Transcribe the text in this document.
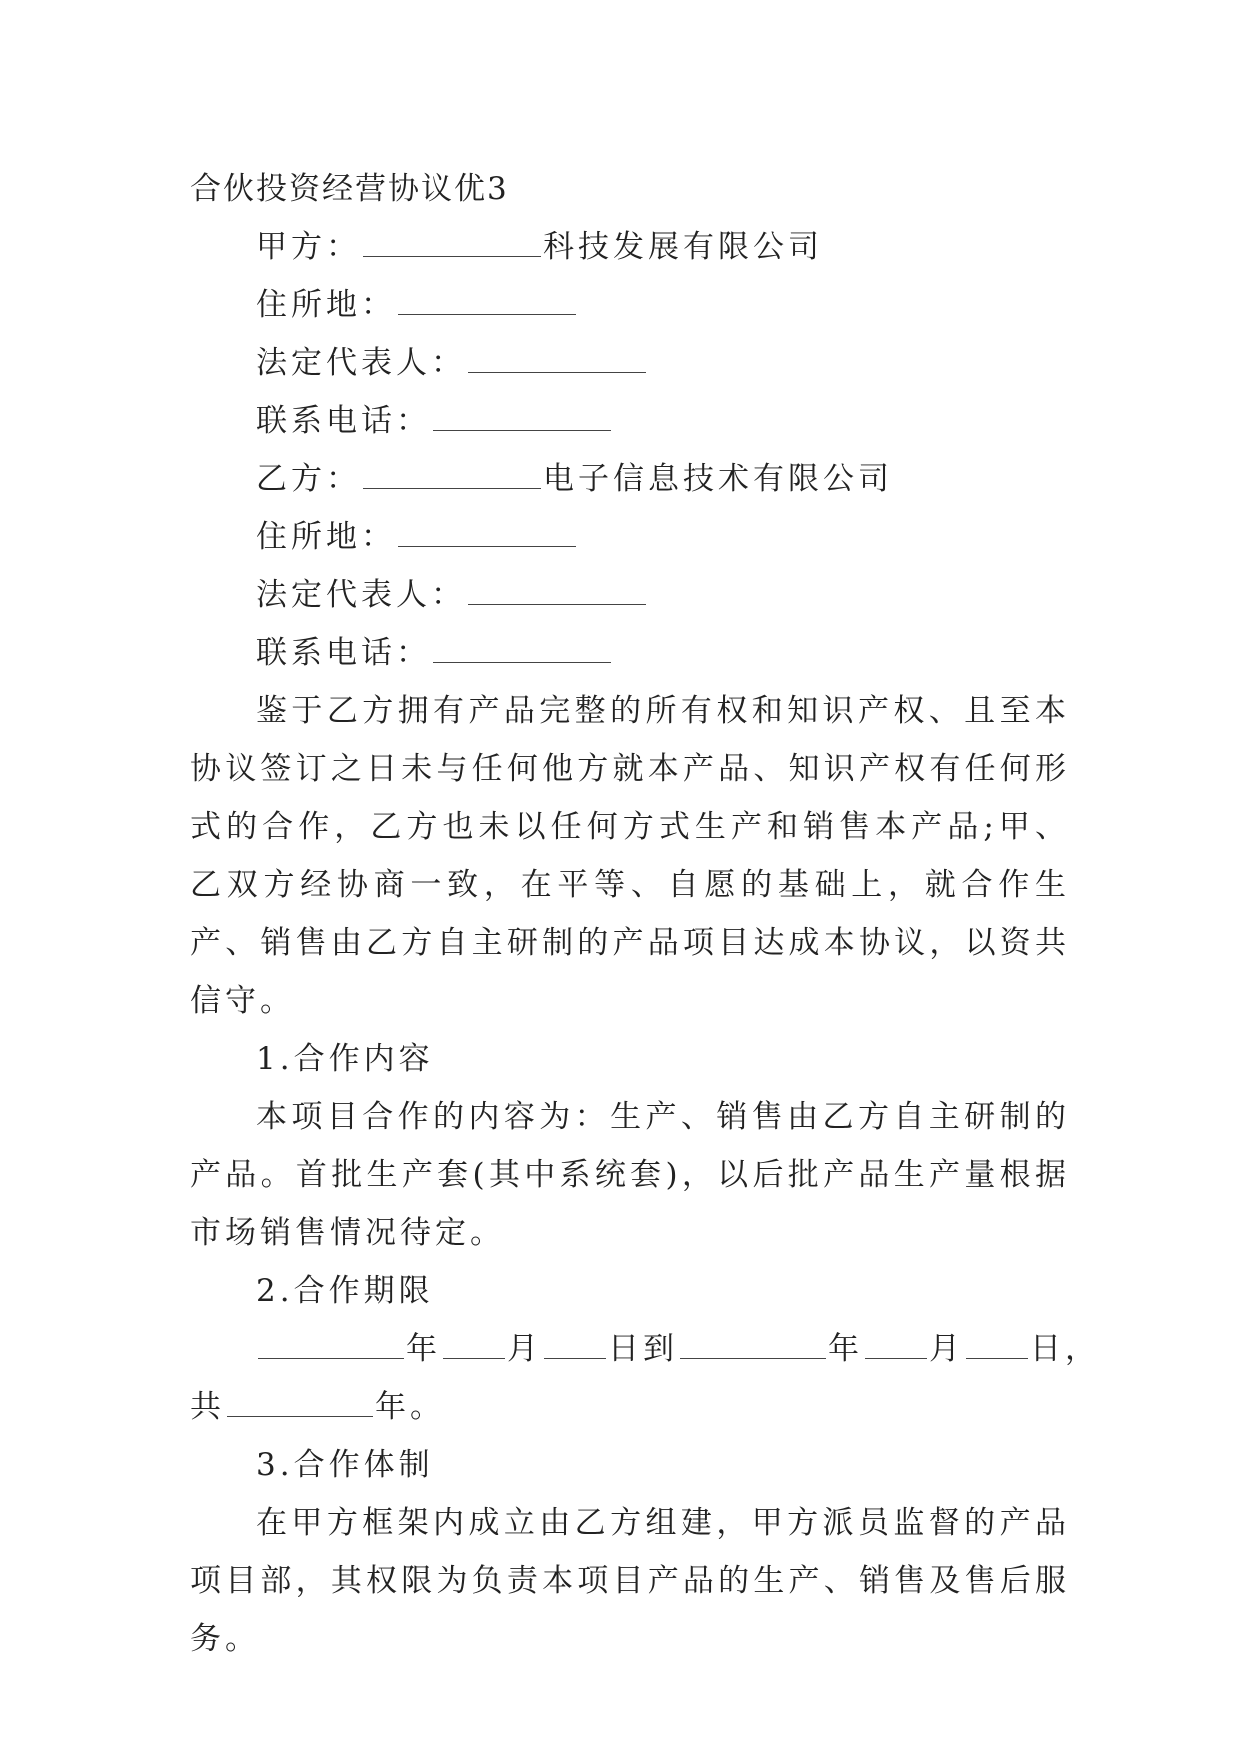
合伙投资经营协议优3
甲方：	科技发展有限公司
住所地：
法定代表人：
联系电话：
乙方：	电子信息技术有限公司
住所地：
法定代表人：
联系电话：

鉴于乙方拥有产品完整的所有权和知识产权、且至本协议签订之日未与任何他方就本产品、知识产权有任何形式的合作，乙方也未以任何方式生产和销售本产品;甲、乙双方经协商一致，在平等、自愿的基础上，就合作生产、销售由乙方自主研制的产品项目达成本协议，以资共信守。

1.合作内容

本项目合作的内容为：生产、销售由乙方自主研制的产品。首批生产套(其中系统套)，以后批产品生产量根据市场销售情况待定。

2.合作期限
年 月 日到	年 月 日，
共	年。
3.合作体制

在甲方框架内成立由乙方组建，甲方派员监督的产品项目部，其权限为负责本项目产品的生产、销售及售后服务。
